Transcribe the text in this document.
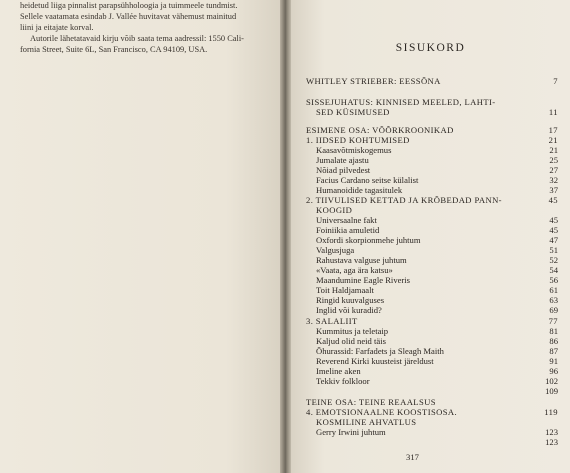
heidetud liiga pinnalist parapsühholoogia ja tuimmeele tundmist.
Sellele vaatamata esindab J. Vallée huvitavat vähemust mainitud
liini ja eitajate korval.
Autorile lähetatavaid kirju võib saata tema aadressil: 1550 Cali-
fornia Street, Suite 6L, San Francisco, CA 94109, USA.	SISUKORD
WHITLEY STRIEBER: EESSÕNA	7
SISSEJUHATUS: KINNISED MEELED, LAHTI-
SED KÜSIMUSED	11
ESIMENE OSA: VÕÕRKROONIKAD	17
1. IIDSED KOHTUMISED	21
Kaasavõtmiskogemus	21
Jumalate ajastu	25
Nõiad pilvedest	27
Facius Cardano seitse külalist	32
Humanoidide tagasitulek	37
2. TIIVULISED KETTAD JA KRÕBEDAD PANN-	45
KOOGID
Universaalne fakt	45
Foiniikia amuletid	45
Oxfordi skorpionmehe juhtum	47
Valgusjuga	51
Rahustava valguse juhtum	52
«Vaata, aga ära katsu»	54
Maandumine Eagle Riveris	56
Toit Haldjamaalt	61
Ringid kuuvalguses	63
Inglid või kuradid?	69
3. SALALIIT	77
Kummitus ja teletaip	81
Kaljud olid neid täis	86
Õhurassid: Farfadets ja Sleagh Maith	87
Reverend Kirki kuusteist järeldust	91
Imeline aken	96
Tekkiv folkloor	102
109
TEINE OSA: TEINE REAALSUS
4. EMOTSIONAALNE KOOSTISOSA.	119
KOSMILINE AHVATLUS
Gerry Irwini juhtum	123
123
317
